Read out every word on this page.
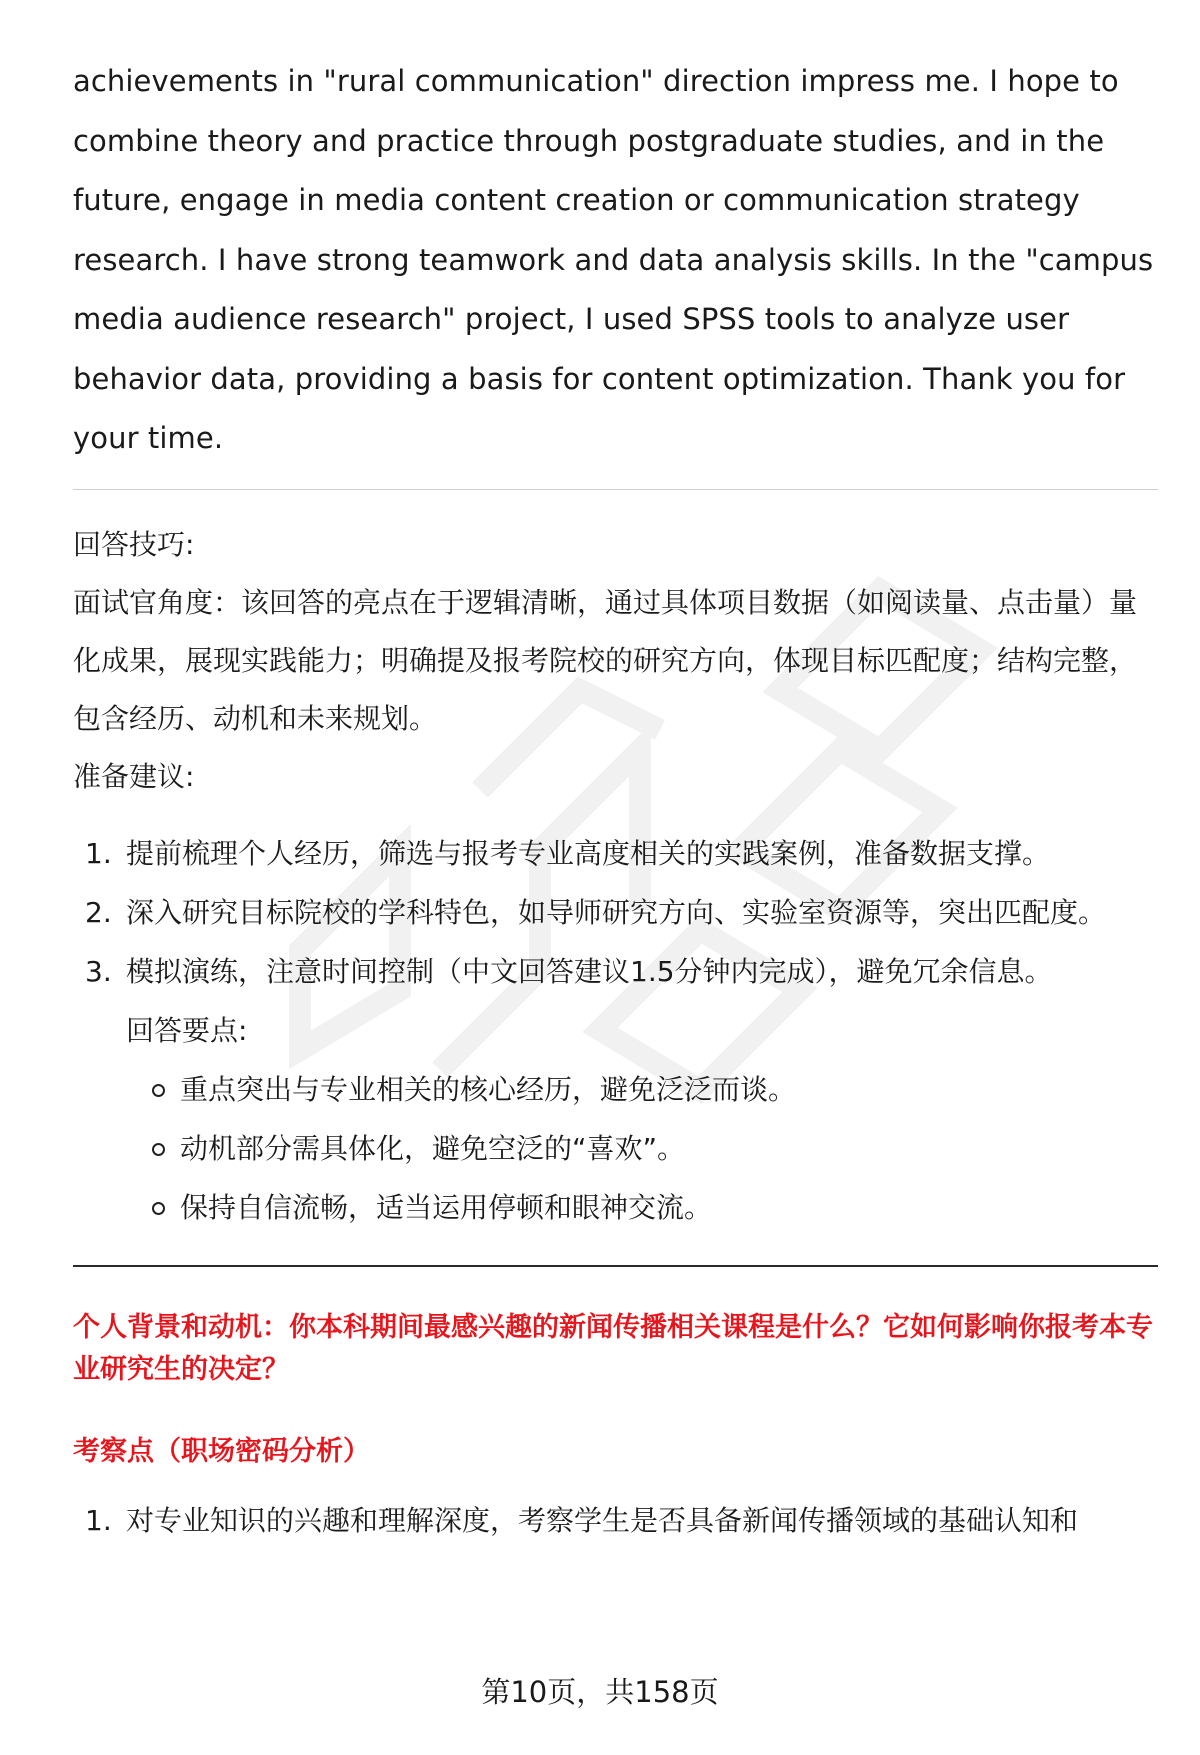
achievements in "rural communication" direction impress me. I hope to combine theory and practice through postgraduate studies, and in the future, engage in media content creation or communication strategy research. I have strong teamwork and data analysis skills. In the "campus media audience research" project, I used SPSS tools to analyze user behavior data, providing a basis for content optimization. Thank you for your time.

回答技巧:

面试官角度：该回答的亮点在于逻辑清晰，通过具体项目数据（如阅读量、点击量）量化成果，展现实践能力；明确提及报考院校的研究方向，体现目标匹配度；结构完整，包含经历、动机和未来规划。

准备建议:

1. 提前梳理个人经历，筛选与报考专业高度相关的实践案例，准备数据支撑。
2. 深入研究目标院校的学科特色，如导师研究方向、实验室资源等，突出匹配度。
3. 模拟演练，注意时间控制（中文回答建议1.5分钟内完成），避免冗余信息。
回答要点:
重点突出与专业相关的核心经历，避免泛泛而谈。
动机部分需具体化，避免空泛的“喜欢”。
保持自信流畅，适当运用停顿和眼神交流。

个人背景和动机：你本科期间最感兴趣的新闻传播相关课程是什么？它如何影响你报考本专业研究生的决定？

考察点（职场密码分析）

1. 对专业知识的兴趣和理解深度，考察学生是否具备新闻传播领域的基础认知和
第10页，共158页
